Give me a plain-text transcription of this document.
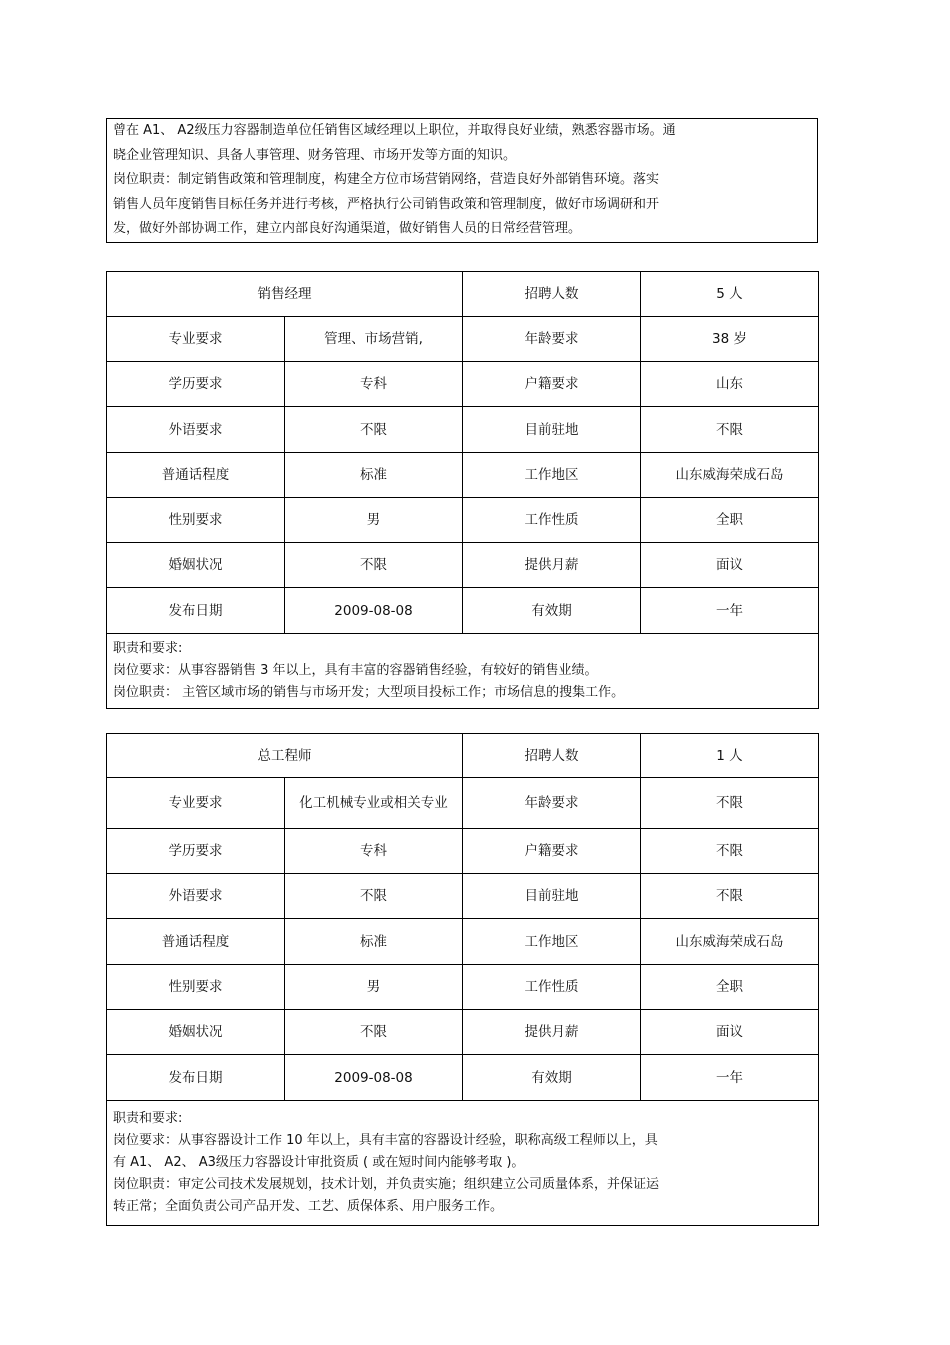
曾在 A1、 A2级压力容器制造单位任销售区域经理以上职位，并取得良好业绩，熟悉容器市场。通
晓企业管理知识、具备人事管理、财务管理、市场开发等方面的知识。
岗位职责：制定销售政策和管理制度，构建全方位市场营销网络，营造良好外部销售环境。落实
销售人员年度销售目标任务并进行考核，严格执行公司销售政策和管理制度，做好市场调研和开
发，做好外部协调工作，建立内部良好沟通渠道，做好销售人员的日常经营管理。
销售经理		招聘人数	5 人
专业要求	管理、市场营销,	年龄要求	38 岁
学历要求	专科	户籍要求	山东
外语要求	不限	目前驻地	不限
普通话程度	标准	工作地区	山东威海荣成石岛
性别要求	男	工作性质	全职
婚姻状况	不限	提供月薪	面议
发布日期	2009-08-08	有效期	一年

职责和要求:
岗位要求：从事容器销售 3 年以上，具有丰富的容器销售经验，有较好的销售业绩。
岗位职责： 主管区域市场的销售与市场开发；大型项目投标工作；市场信息的搜集工作。			
总工程师		招聘人数	1 人
专业要求	化工机械专业或相关专业	年龄要求	不限
学历要求	专科	户籍要求	不限
外语要求	不限	目前驻地	不限
普通话程度	标准	工作地区	山东威海荣成石岛
性别要求	男	工作性质	全职
婚姻状况	不限	提供月薪	面议
发布日期	2009-08-08	有效期	一年

职责和要求:
岗位要求：从事容器设计工作 10 年以上，具有丰富的容器设计经验，职称高级工程师以上，具
有 A1、 A2、 A3级压力容器设计审批资质 ( 或在短时间内能够考取 )。
岗位职责：审定公司技术发展规划，技术计划，并负责实施；组织建立公司质量体系，并保证运
转正常；全面负责公司产品开发、工艺、质保体系、用户服务工作。			
